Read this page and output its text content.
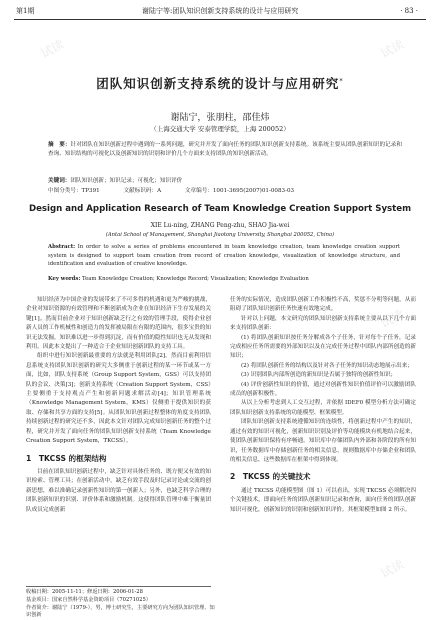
试读	试读
试读
试读
试读
第1期	谢陆宁等:团队知识创新支持系统的设计与应用研究	· 83 ·
团队知识创新支持系统的设计与应用研究*
谢陆宁，张朋柱，邵佳炜
（上海交通大学 安泰管理学院，上海 200052）
摘　要：针对团队在知识创新过程中遇到的一系列问题，研究并开发了面向任务的团队知识创新支持系统。该系统主要从团队创新知识的记录和查询、知识结构的可视化以及创新知识的识别和评价几个方面来支持团队的知识创新活动。
关键词：团队知识创新；知识记录；可视化；知识评价
中图分类号：TP391	文献标识码：A	文章编号：1001-3695(2007)01-0083-03
Design and Application Research of Team Knowledge Creation Support System
XIE Lu-ning, ZHANG Peng-zhu, SHAO Jia-wei
(Antai School of Management, Shanghai Jiaotong University, Shanghai 200052, China)
Abstract: In order to solve a series of problems encountered in team knowledge creation, team knowledge creation support system is designed to support team creation from record of creation knowledge, visualization of knowledge structure, and identification and evaluation of creative knowledge.
Key words: Team Knowledge Creation; Knowledge Record; Visualization; Knowledge Evaluation

知识经济为中国企业的发展带来了不可多得的机遇和更为严峻的挑战，企业对知识资源的有效管理和不断创新成为企业在知识经济下生存发展的关键[1]。然而目前企业对于知识创新缺乏行之有效的管理手段，使得企业创新人员的工作机械性和创造力的发挥被局限在有限的范围内，很多宝贵的知识无法发掘，知识难以进一步得到沉淀，而有价值的隐性知识也无从发现和利用。因此本文提出了一种适合于企业知识创新团队的支持工具。

组织中进行知识创新最重要的方法就是利用团队[2]。然而目前利用信息系统支持团队知识创新的研究大多侧重于创新过程的某一环节或某一方面，比如，团队支持系统（Group Support System，GSS）可以支持团队的会议、决策[3]；创新支持系统（Creation Support System，CSS）主要侧重于支持观点产生和创新问题求解活动[4]；知识管理系统（Knowledge Management System，KMS）仅侧重于提供知识的获取、存储和共享方面的支持[5]。从团队知识创新过程整体的角度支持团队持续创新过程的研究还不多，因此本文针对团队完成知识创新任务的整个过程，研究并开发了面向任务的团队知识创新支持系统（Team Knowledge Creation Support System，TKCSS）。

1　TKCSS 的框架结构

目前在团队知识创新过程中，缺乏针对具体任务的、既方便又有效的知识检索、管理工具；在创新活动中，缺乏有效手段及时记录讨论或交流的创新思想，难以准确记录创新性知识的第一创新人；另外，也缺乏科学合理的团队创新知识的识别、评价体系和激励机制。这使得团队管理中难于衡量团队成员完成创新

任务的实际情况，造成团队创新工作积极性不高，奖惩不分明等问题，从而阻碍了团队知识创新任务快速有效地完成。

针对以上问题，本文研究的团队知识创新支持系统主要从以下几个方面来支持团队创新：

(1) 将团队创新知识按任务分解成各个子任务，针对每个子任务，记录完成相应任务所需要的外部知识以及在完成任务过程中团队内部所创造的新知识；

(2) 将团队创新任务的结构以及针对各子任务的知识动态地展示出来；

(3) 识别团队内部所创造的新知识是否属于独特的创新性知识；

(4) 评价创新性知识的价值，通过对创新性知识价值评价可以激励团队成员的创新积极性。

从以上分析考虑到人工交互过程，并依据 IDEF0 模型分析方法可确定团队知识创新支持系统的功能模型、框架模型。

团队知识创新支持系统遵循知识的连续性，将创新过程中产生的知识，通过有效的知识可视化，创新知识识别及评价等功能模块有机地结合起来，使团队创新知识保持有序畅通。知识库中存储团队内外部和各阶段的所有知识，任务数据库中存储创新任务的相关信息，规则数据库中存储企业和团队的相关信息，这些数据库在框架中得到体现。

2　TKCSS 的关键技术

通过 TKCSS 功能模型图（图 1）可以看出，实现 TKCSS 必须解决四个关键技术，即面向任务的团队创新知识记录和查询，面向任务的团队创新知识可视化，创新知识的识别和创新知识评价。其框架模型如图 2 所示。

收稿日期：2005-11-11；修返日期：2006-01-28
基金项目：国家自然科学基金资助项目（70271025）
作者简介：谢陆宁（1979-），男，博士研究生，主要研究方向为团队知识管理、知识创新
